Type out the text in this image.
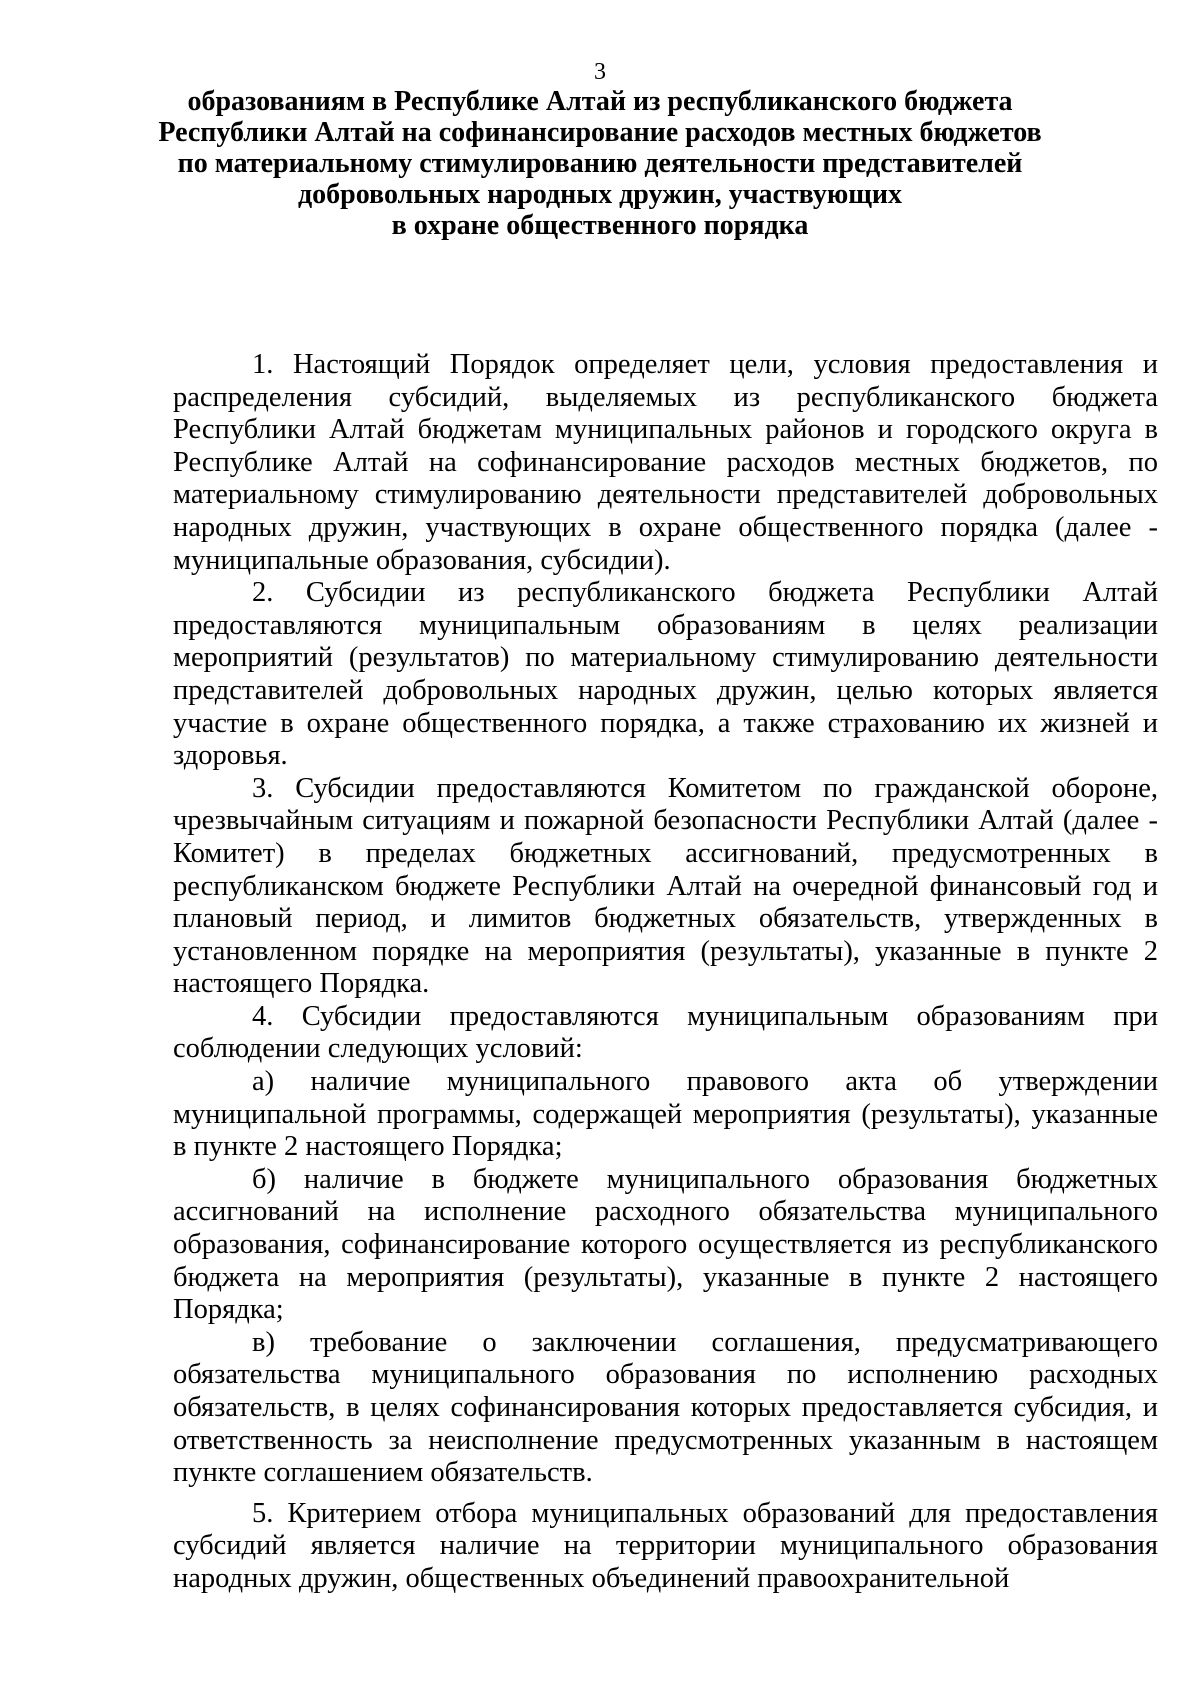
3
образованиям в Республике Алтай из республиканского бюджета
Республики Алтай на софинансирование расходов местных бюджетов
по материальному стимулированию деятельности представителей
добровольных народных дружин, участвующих
в охране общественного порядка

1. Настоящий Порядок определяет цели, условия предоставления и распределения субсидий, выделяемых из республиканского бюджета Республики Алтай бюджетам муниципальных районов и городского округа в Республике Алтай на софинансирование расходов местных бюджетов, по материальному стимулированию деятельности представителей добровольных народных дружин, участвующих в охране общественного порядка (далее - муниципальные образования, субсидии).

2. Субсидии из республиканского бюджета Республики Алтай предоставляются муниципальным образованиям в целях реализации мероприятий (результатов) по материальному стимулированию деятельности представителей добровольных народных дружин, целью которых является участие в охране общественного порядка, а также страхованию их жизней и здоровья.

3. Субсидии предоставляются Комитетом по гражданской обороне, чрезвычайным ситуациям и пожарной безопасности Республики Алтай (далее - Комитет) в пределах бюджетных ассигнований, предусмотренных в республиканском бюджете Республики Алтай на очередной финансовый год и плановый период, и лимитов бюджетных обязательств, утвержденных в установленном порядке на мероприятия (результаты), указанные в пункте 2 настоящего Порядка.

4. Субсидии предоставляются муниципальным образованиям при соблюдении следующих условий:

а) наличие муниципального правового акта об утверждении муниципальной программы, содержащей мероприятия (результаты), указанные в пункте 2 настоящего Порядка;

б) наличие в бюджете муниципального образования бюджетных ассигнований на исполнение расходного обязательства муниципального образования, софинансирование которого осуществляется из республиканского бюджета на мероприятия (результаты), указанные в пункте 2 настоящего Порядка;

в) требование о заключении соглашения, предусматривающего обязательства муниципального образования по исполнению расходных обязательств, в целях софинансирования которых предоставляется субсидия, и ответственность за неисполнение предусмотренных указанным в настоящем пункте соглашением обязательств.

5. Критерием отбора муниципальных образований для предоставления субсидий является наличие на территории муниципального образования народных дружин, общественных объединений правоохранительной
